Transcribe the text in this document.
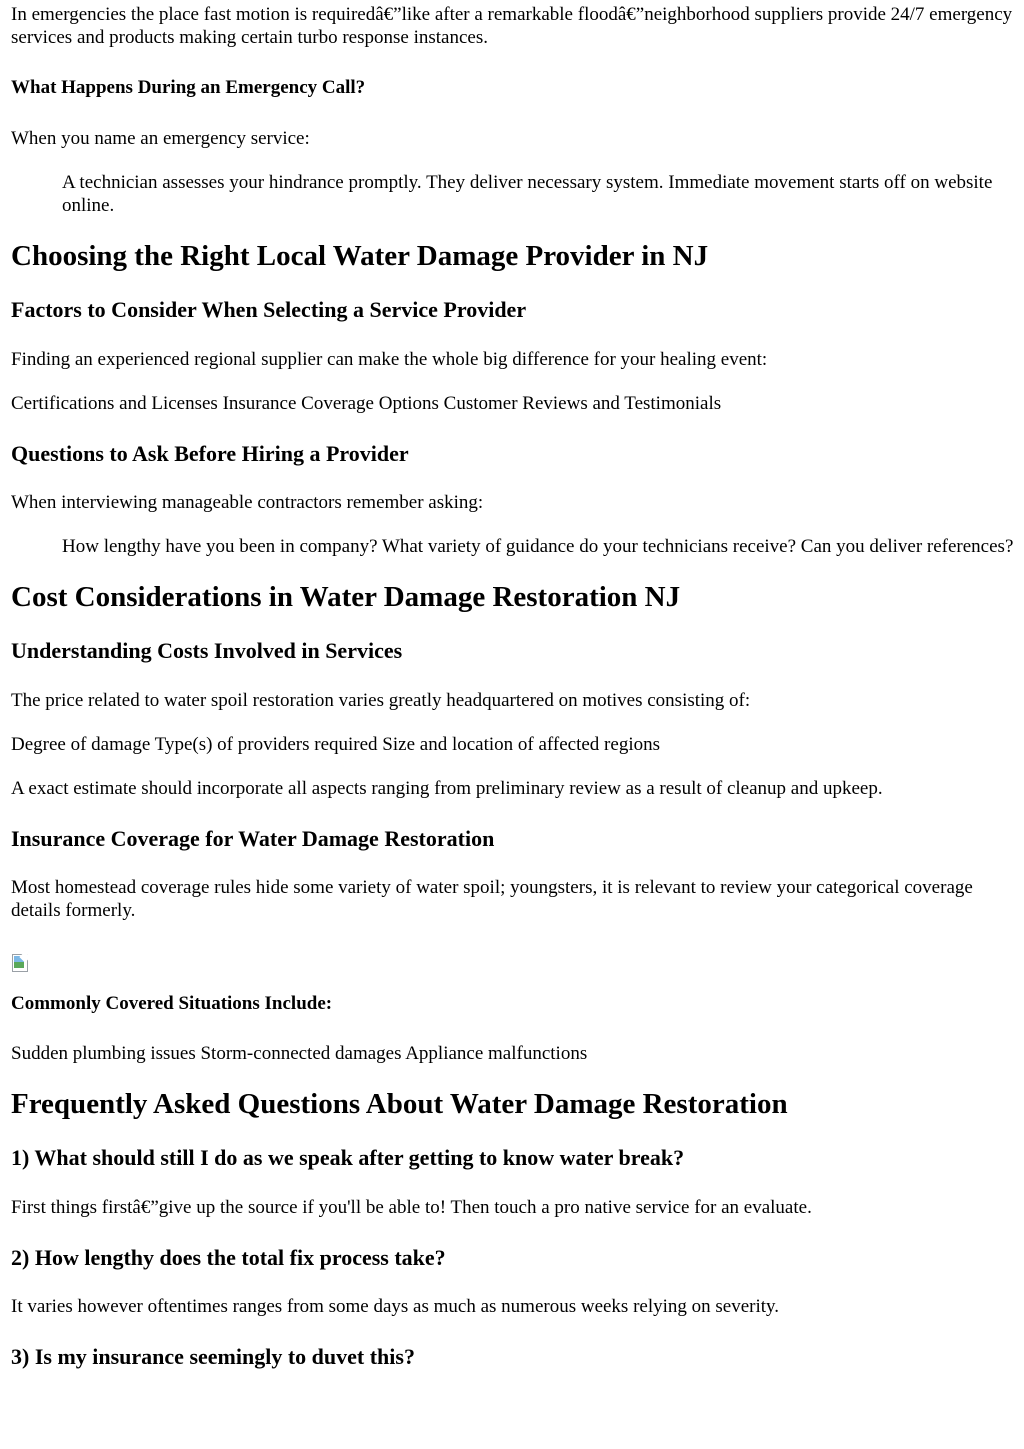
In emergencies the place fast motion is requiredâ€”like after a remarkable floodâ€”neighborhood suppliers provide 24/7 emergency services and products making certain turbo response instances.

What Happens During an Emergency Call?

When you name an emergency service:

A technician assesses your hindrance promptly. They deliver necessary system. Immediate movement starts off on website online.
Choosing the Right Local Water Damage Provider in NJ
Factors to Consider When Selecting a Service Provider

Finding an experienced regional supplier can make the whole big difference for your healing event:

Certifications and Licenses Insurance Coverage Options Customer Reviews and Testimonials

Questions to Ask Before Hiring a Provider

When interviewing manageable contractors remember asking:

How lengthy have you been in company? What variety of guidance do your technicians receive? Can you deliver references?
Cost Considerations in Water Damage Restoration NJ
Understanding Costs Involved in Services

The price related to water spoil restoration varies greatly headquartered on motives consisting of:

Degree of damage Type(s) of providers required Size and location of affected regions

A exact estimate should incorporate all aspects ranging from preliminary review as a result of cleanup and upkeep.

Insurance Coverage for Water Damage Restoration

Most homestead coverage rules hide some variety of water spoil; youngsters, it is relevant to review your categorical coverage details formerly.

Commonly Covered Situations Include:

Sudden plumbing issues Storm-connected damages Appliance malfunctions

Frequently Asked Questions About Water Damage Restoration
1) What should still I do as we speak after getting to know water break?

First things firstâ€”give up the source if you'll be able to! Then touch a pro native service for an evaluate.

2) How lengthy does the total fix process take?

It varies however oftentimes ranges from some days as much as numerous weeks relying on severity.

3) Is my insurance seemingly to duvet this?
